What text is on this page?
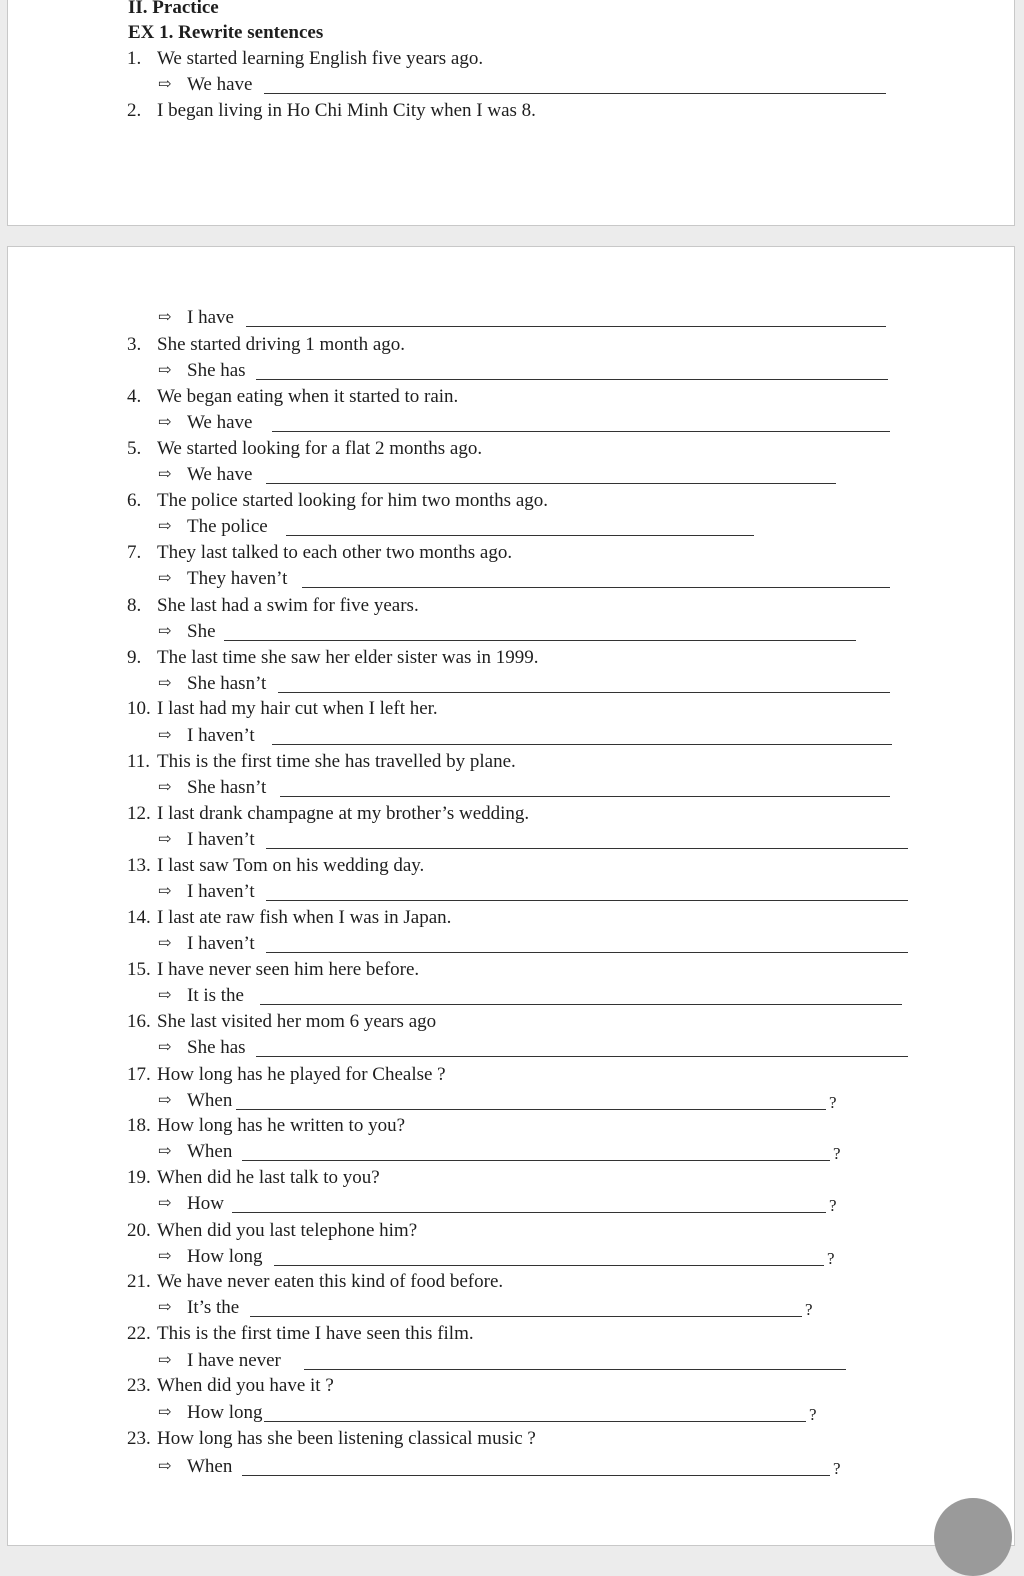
II. Practice
EX 1. Rewrite sentences
1. We started learning English five years ago.
⇨ We have
2. I began living in Ho Chi Minh City when I was 8.
⇨ I have
3. She started driving 1 month ago.
⇨ She has
4. We began eating when it started to rain.
⇨ We have
5. We started looking for a flat 2 months ago.
⇨ We have
6. The police started looking for him two months ago.
⇨ The police
7. They last talked to each other two months ago.
⇨ They haven’t
8. She last had a swim for five years.
⇨ She
9. The last time she saw her elder sister was in 1999.
⇨ She hasn’t
10. I last had my hair cut when I left her.
⇨ I haven’t
11. This is the first time she has travelled by plane.
⇨ She hasn’t
12. I last drank champagne at my brother’s wedding.
⇨ I haven’t
13. I last saw Tom on his wedding day.
⇨ I haven’t
14. I last ate raw fish when I was in Japan.
⇨ I haven’t
15. I have never seen him here before.
⇨ It is the
16. She last visited her mom 6 years ago
⇨ She has
17. How long has he played for Chealse ?
⇨ When	?
18. How long has he written to you?
⇨ When	?
19. When did he last talk to you?
⇨ How	?
20. When did you last telephone him?
⇨ How long	?
21. We have never eaten this kind of food before.
⇨ It’s the	?
22. This is the first time I have seen this film.
⇨ I have never
23. When did you have it ?
⇨ How long	?
23. How long has she been listening classical music ?
⇨ When	?
